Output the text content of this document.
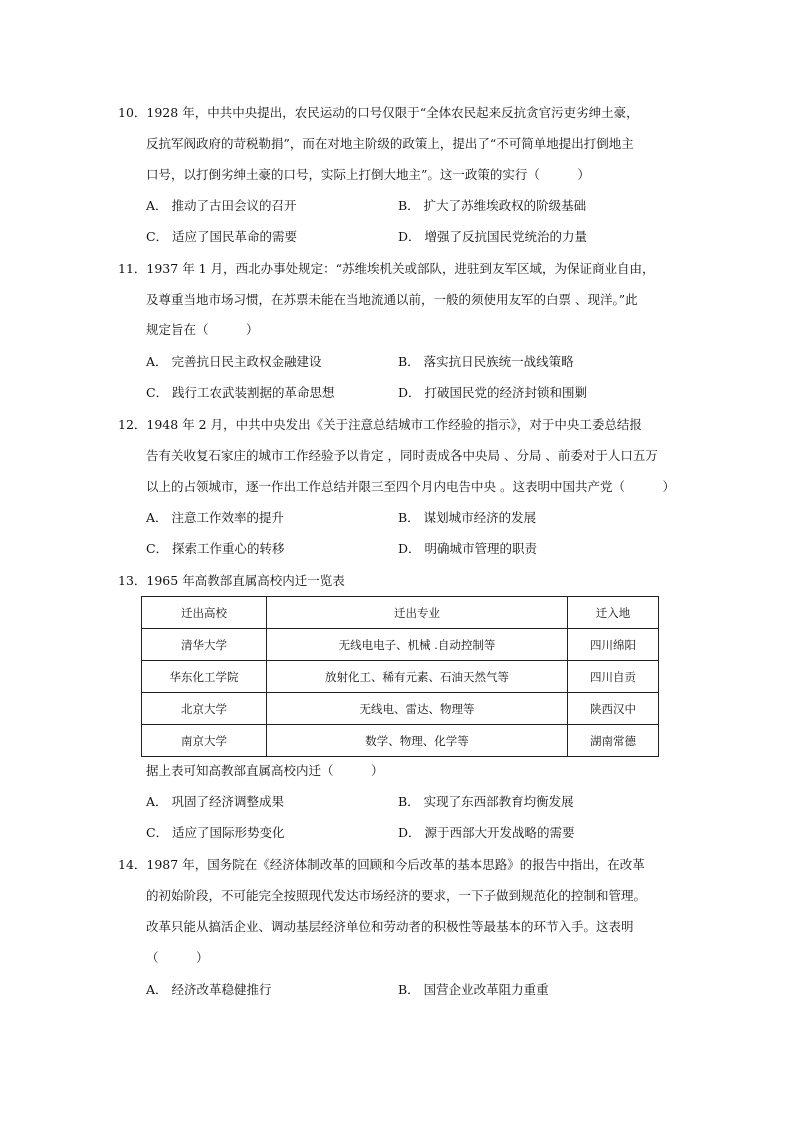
10．1928 年，中共中央提出，农民运动的口号仅限于“全体农民起来反抗贪官污吏劣绅土豪，
反抗军阀政府的苛税勒捐”，而在对地主阶级的政策上，提出了“不可简单地提出打倒地主
口号，以打倒劣绅土豪的口号，实际上打倒大地主”。这一政策的实行（　　　）
A． 推动了古田会议的召开	B． 扩大了苏维埃政权的阶级基础
C． 适应了国民革命的需要	D． 增强了反抗国民党统治的力量
11．1937 年 1 月，西北办事处规定：“苏维埃机关或部队，进驻到友军区域，为保证商业自由，
及尊重当地市场习惯，在苏票未能在当地流通以前，一般的须使用友军的白票 、现洋。”此
规定旨在（　　　）
A． 完善抗日民主政权金融建设	B． 落实抗日民族统一战线策略
C． 践行工农武装割据的革命思想	D． 打破国民党的经济封锁和围剿
12．1948 年 2 月，中共中央发出《关于注意总结城市工作经验的指示》，对于中央工委总结报
告有关收复石家庄的城市工作经验予以肯定 ，同时责成各中央局 、分局 、前委对于人口五万
以上的占领城市，逐一作出工作总结并限三至四个月内电告中央 。这表明中国共产党（　　　）
A． 注意工作效率的提升	B． 谋划城市经济的发展
C． 探索工作重心的转移	D． 明确城市管理的职责
13．1965 年高教部直属高校内迁一览表
迁出高校	迁出专业	迁入地
清华大学	无线电电子、机械 .自动控制等	四川绵阳
华东化工学院	放射化工、稀有元素、石油天然气等	四川自贡
北京大学	无线电、雷达、物理等	陕西汉中
南京大学	数学、物理、化学等	湖南常德
据上表可知高教部直属高校内迁（　　　）
A． 巩固了经济调整成果	B． 实现了东西部教育均衡发展
C． 适应了国际形势变化	D． 源于西部大开发战略的需要
14．1987 年，国务院在《经济体制改革的回顾和今后改革的基本思路》的报告中指出，在改革
的初始阶段，不可能完全按照现代发达市场经济的要求，一下子做到规范化的控制和管理。
改革只能从搞活企业、调动基层经济单位和劳动者的积极性等最基本的环节入手。这表明
（　　　）
A． 经济改革稳健推行	B． 国营企业改革阻力重重
